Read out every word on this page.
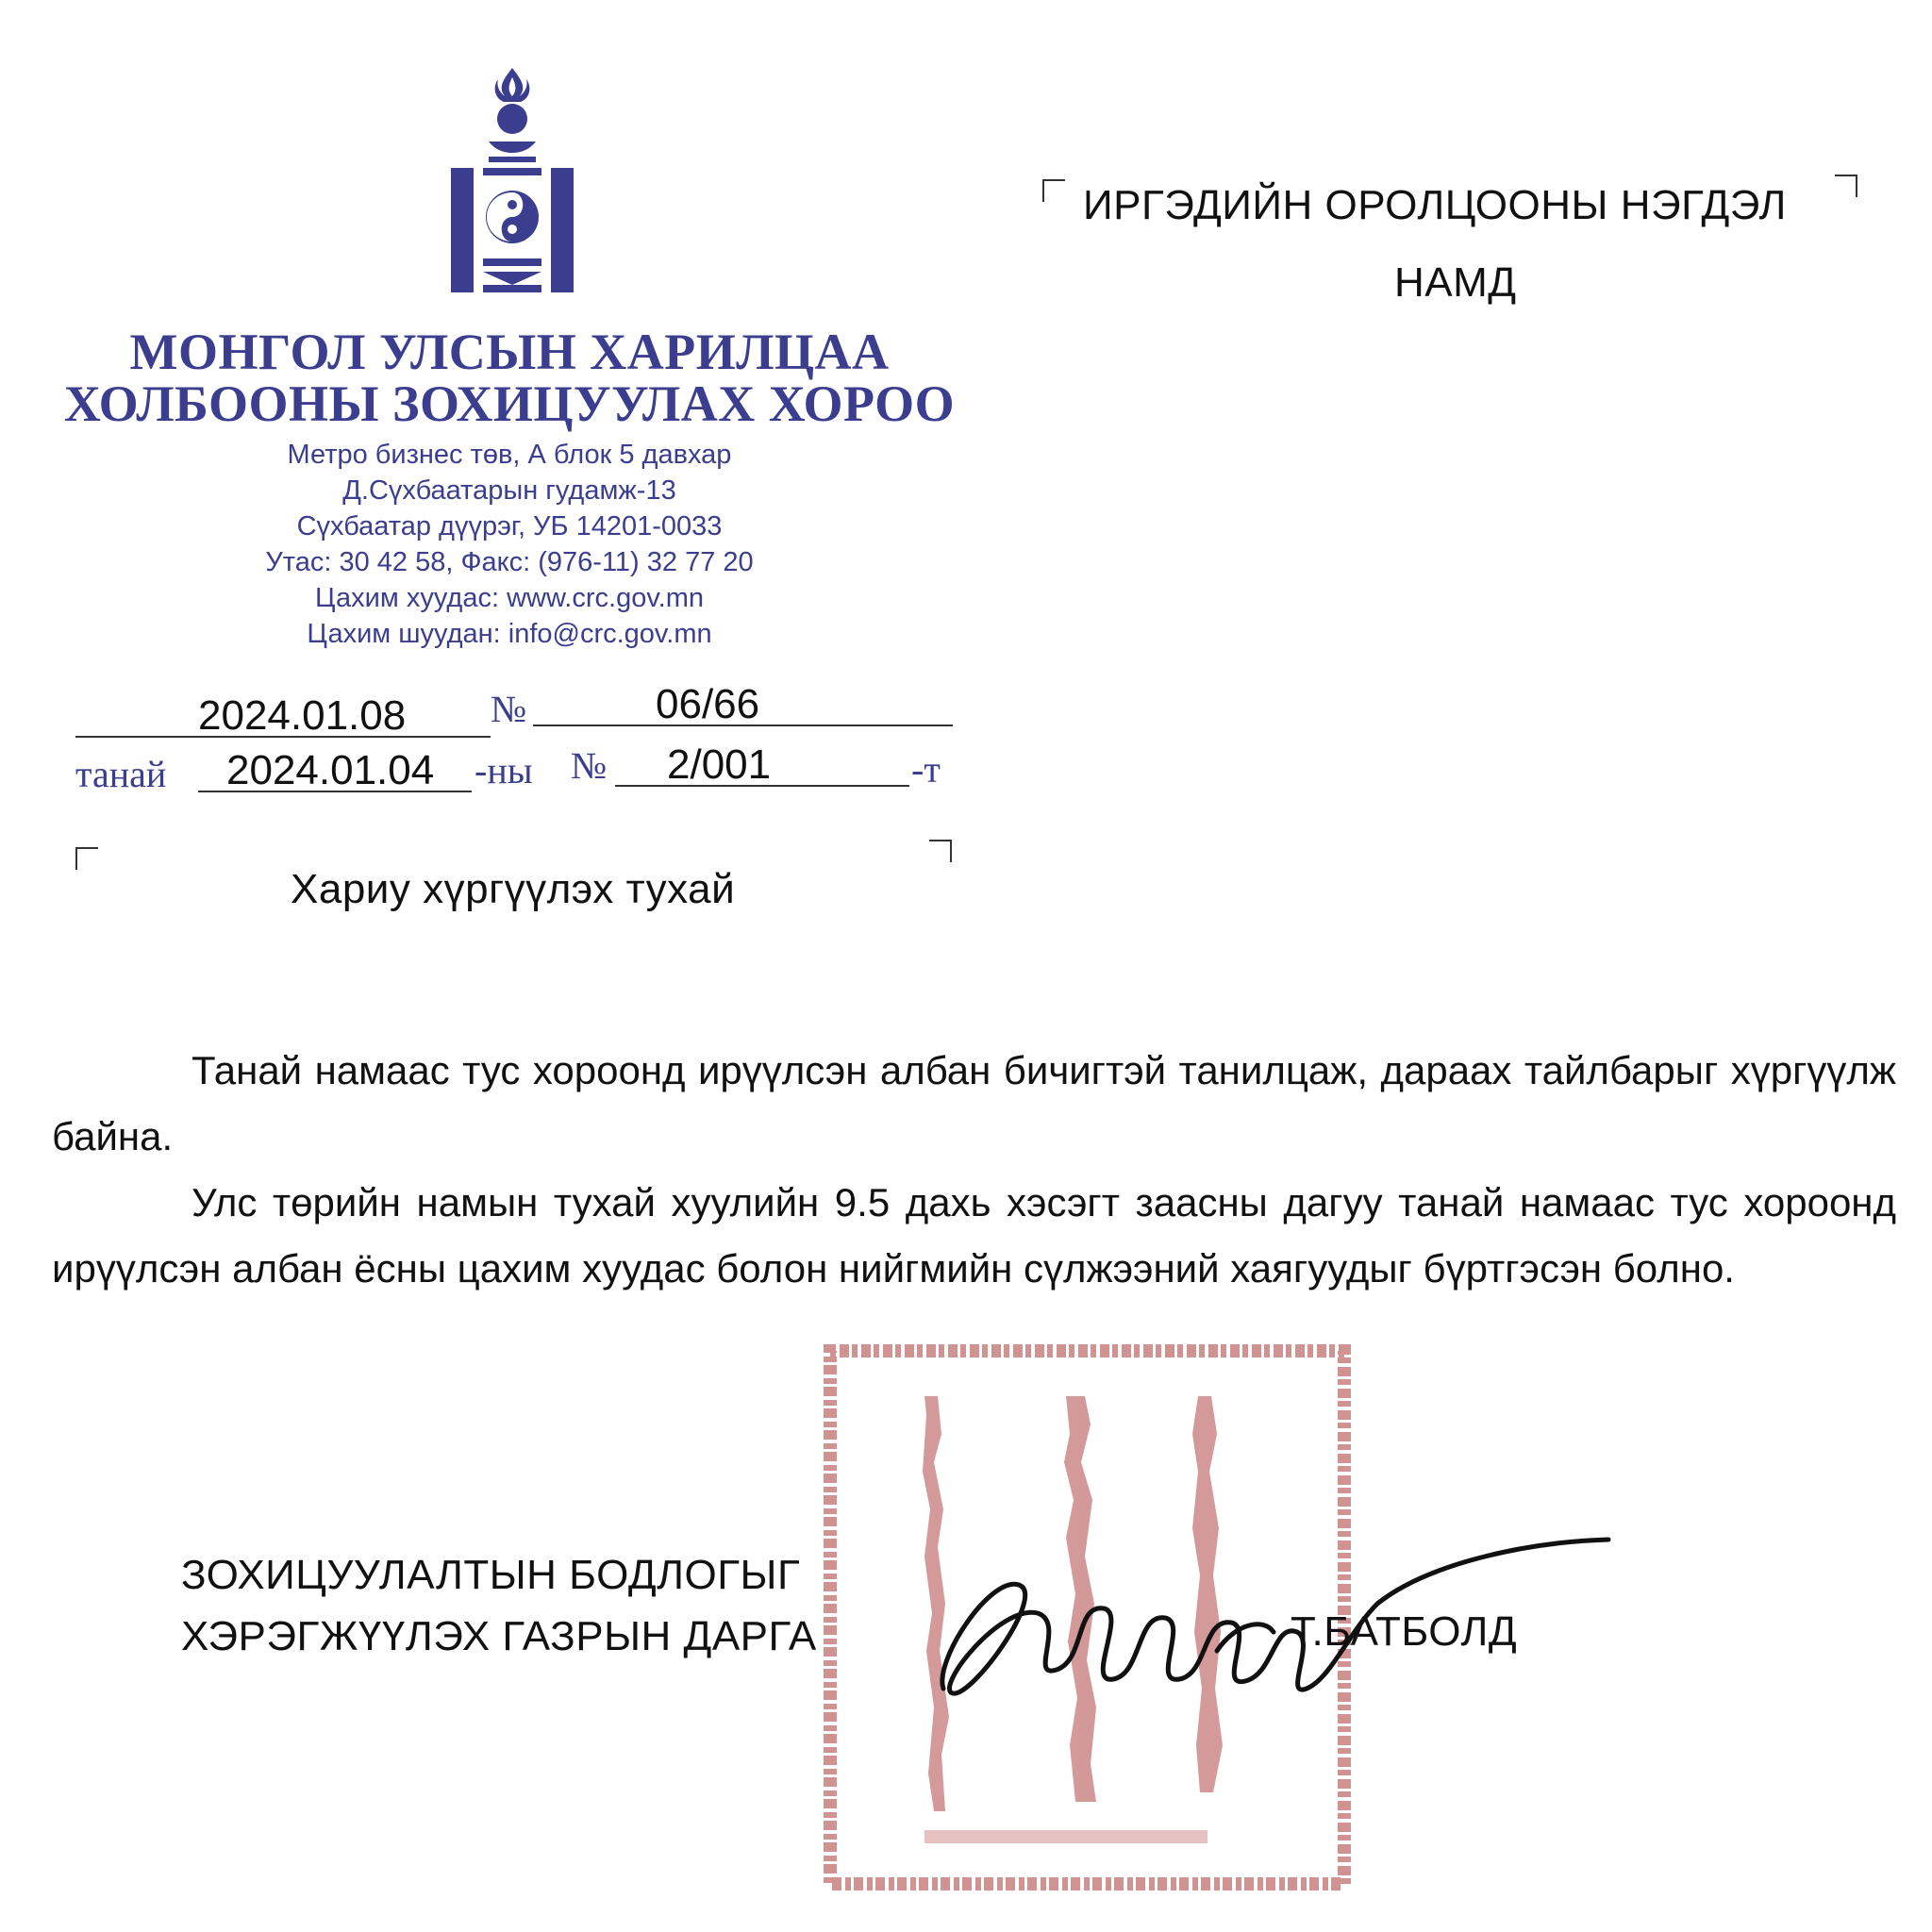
МОНГОЛ УЛСЫН ХАРИЛЦАА
ХОЛБООНЫ ЗОХИЦУУЛАХ ХОРОО
Метро бизнес төв, А блок 5 давхар
Д.Сүхбаатарын гудамж-13
Сүхбаатар дүүрэг, УБ 14201-0033
Утас: 30 42 58, Факс: (976-11) 32 77 20
Цахим хуудас: www.crc.gov.mn
Цахим шуудан: info@crc.gov.mn
2024.01.08 №	06/66
танай 2024.01.04 -ны № 2/001	-т
ИРГЭДИЙН ОРОЛЦООНЫ НЭГДЭЛ
НАМД
Хариу хүргүүлэх тухай
Танай намаас тус хороонд ирүүлсэн албан бичигтэй танилцаж, дараах тайлбарыг хүргүүлж байна.
Улс төрийн намын тухай хуулийн 9.5 дахь хэсэгт заасны дагуу танай намаас тус хороонд ирүүлсэн албан ёсны цахим хуудас болон нийгмийн сүлжээний хаягуудыг бүртгэсэн болно.
ЗОХИЦУУЛАЛТЫН БОДЛОГЫГ
ХЭРЭГЖҮҮЛЭХ ГАЗРЫН ДАРГА	Т.БАТБОЛД
